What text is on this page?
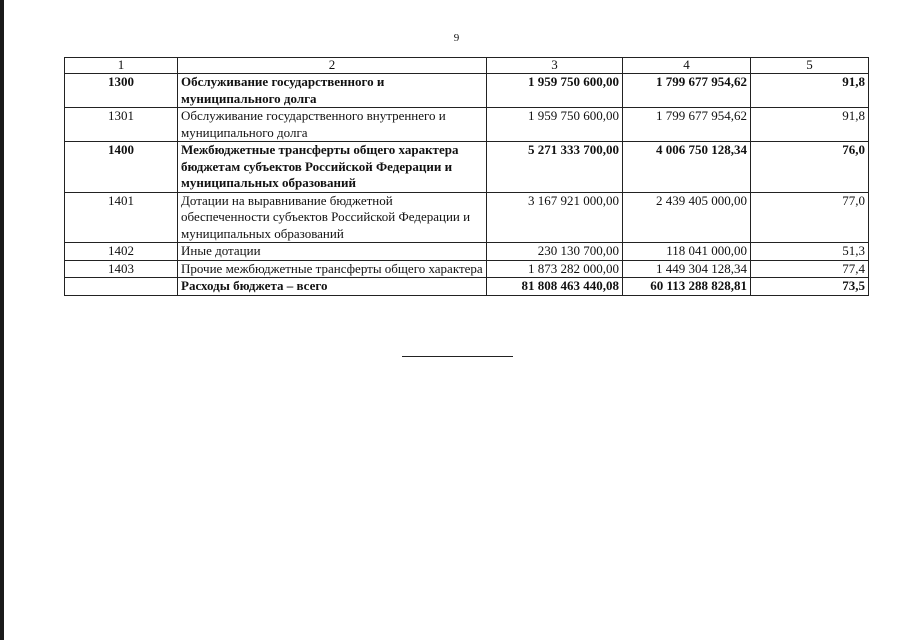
9
1	2	3	4	5
1300	Обслуживание государственного и муниципального долга	1 959 750 600,00	1 799 677 954,62	91,8
1301	Обслуживание государственного внутреннего и муниципального долга	1 959 750 600,00	1 799 677 954,62	91,8
1400	Межбюджетные трансферты общего характера бюджетам субъектов Российской Федерации и муниципальных образований	5 271 333 700,00	4 006 750 128,34	76,0
1401	Дотации на выравнивание бюджетной обеспеченности субъектов Российской Федерации и муниципальных образований	3 167 921 000,00	2 439 405 000,00	77,0
1402	Иные дотации	230 130 700,00	118 041 000,00	51,3
1403	Прочие межбюджетные трансферты общего характера	1 873 282 000,00	1 449 304 128,34	77,4
	Расходы бюджета – всего	81 808 463 440,08	60 113 288 828,81	73,5
